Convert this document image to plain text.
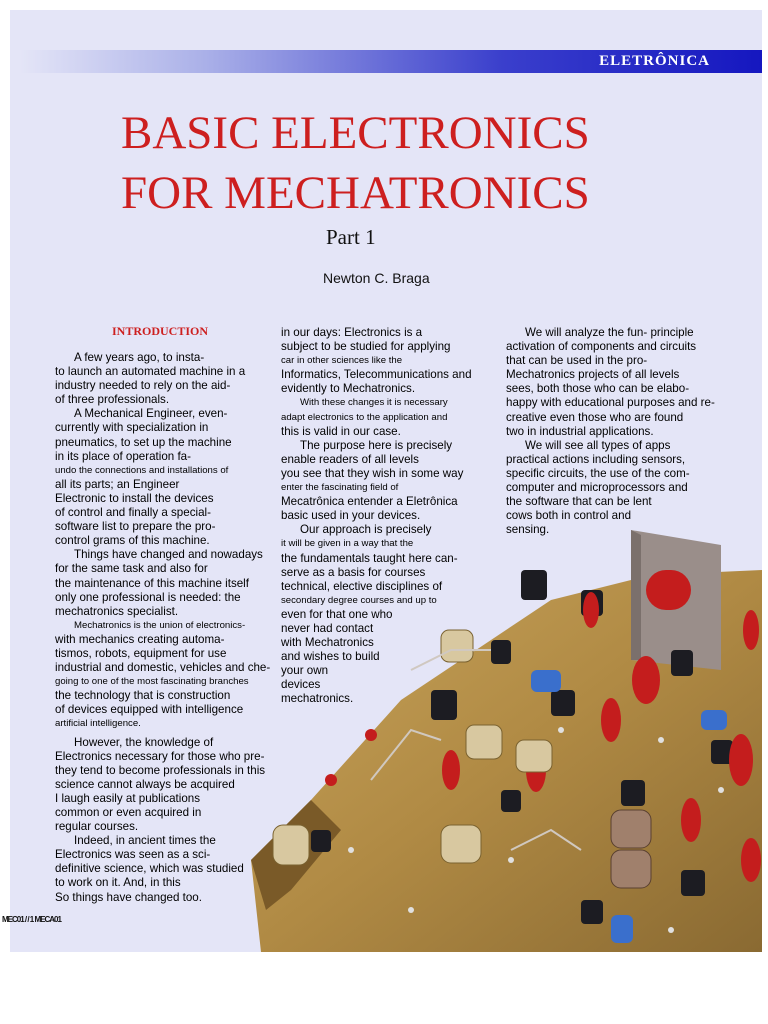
ELETRÔNICA
BASIC ELECTRONICS
FOR MECHATRONICS
Part 1
Newton C. Braga
INTRODUCTION

A few years ago, to insta-

to launch an automated machine in a

industry needed to rely on the aid-

of three professionals.

A Mechanical Engineer, even-

currently with specialization in

pneumatics, to set up the machine

in its place of operation fa-

undo the connections and installations of

all its parts; an Engineer

Electronic to install the devices

of control and finally a special-

software list to prepare the pro-

control grams of this machine.

Things have changed and nowadays

for the same task and also for

the maintenance of this machine itself

only one professional is needed: the

mechatronics specialist.

Mechatronics is the union of electronics-

with mechanics creating automa-

tismos, robots, equipment for use

industrial and domestic, vehicles and che-

going to one of the most fascinating branches

the technology that is construction

of devices equipped with intelligence

artificial intelligence.

However, the knowledge of

Electronics necessary for those who pre-

they tend to become professionals in this

science cannot always be acquired

I laugh easily at publications

common or even acquired in

regular courses.

Indeed, in ancient times the

Electronics was seen as a sci-

definitive science, which was studied

to work on it. And, in this

So things have changed too.

in our days: Electronics is a

subject to be studied for applying

car in other sciences like the

Informatics, Telecommunications and

evidently to Mechatronics.

With these changes it is necessary

adapt electronics to the application and

this is valid in our case.

The purpose here is precisely

enable readers of all levels

you see that they wish in some way

enter the fascinating field of

Mecatrônica entender a Eletrônica

basic used in your devices.

Our approach is precisely

it will be given in a way that the

the fundamentals taught here can-

serve as a basis for courses

technical, elective disciplines of

secondary degree courses and up to

even for that one who

never had contact

with Mechatronics

and wishes to build

your own

devices

mechatronics.

We will analyze the fun- principle

activation of components and circuits

that can be used in the pro-

Mechatronics projects of all levels

sees, both those who can be elabo-

happy with educational purposes and re-

creative even those who are found

two in industrial applications.

We will see all types of apps

practical actions including sensors,

specific circuits, the use of the com-

computer and microprocessors and

the software that can be lent

cows both in control and

sensing.

MEC01 / / 1 MECA01
